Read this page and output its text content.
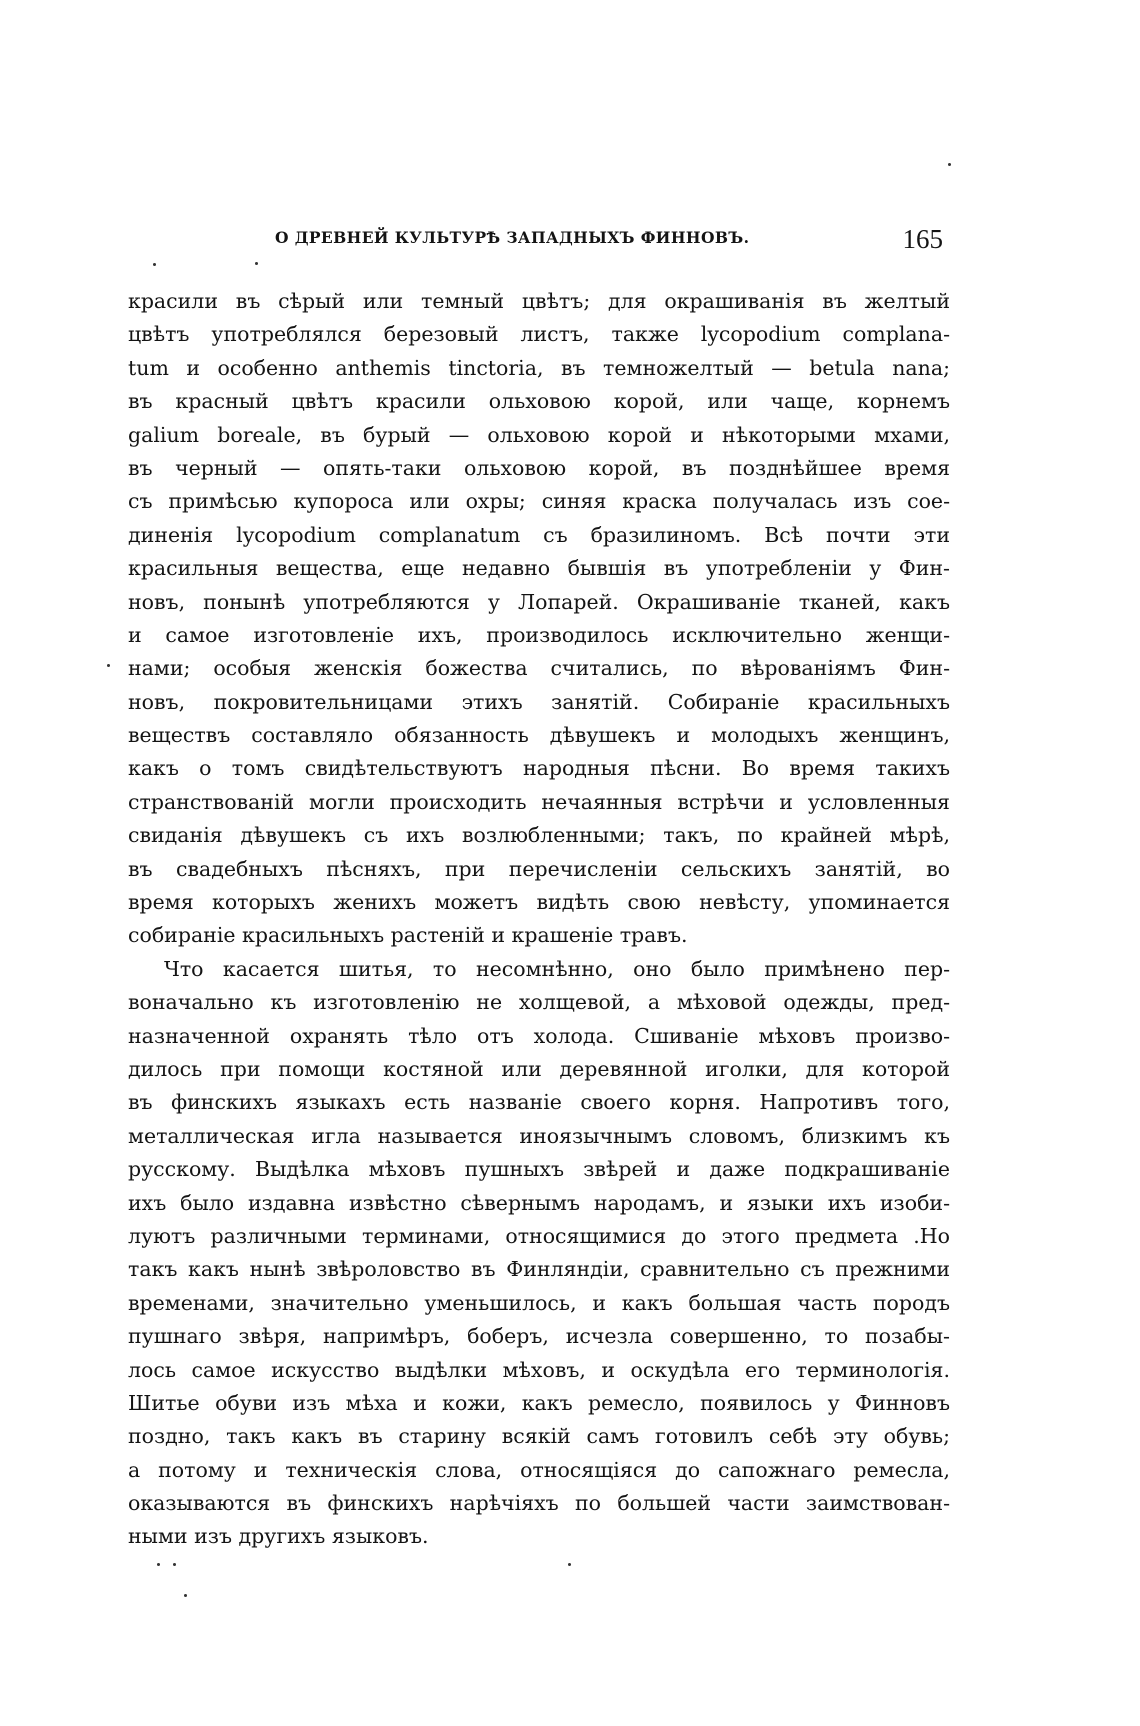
О ДРЕВНЕЙ КУЛЬТУРѢ ЗАПАДНЫХЪ ФИННОВЪ.	165
красили въ сѣрый или темный цвѣтъ; для окрашиванія въ желтый
цвѣтъ употреблялся березовый листъ, также lycopodium complana-
tum и особенно anthemis tinctoria, въ темножелтый — betula nana;
въ красный цвѣтъ красили ольховою корой, или чаще, корнемъ
galium boreale, въ бурый — ольховою корой и нѣкоторыми мхами,
въ черный — опять-таки ольховою корой, въ позднѣйшее время
съ примѣсью купороса или охры; синяя краска получалась изъ сое-
диненія lycopodium complanatum съ бразилиномъ. Всѣ почти эти
красильныя вещества, еще недавно бывшія въ употребленіи у Фин-
новъ, понынѣ употребляются у Лопарей. Окрашиваніе тканей, какъ
и самое изготовленіе ихъ, производилось исключительно женщи-
нами; особыя женскія божества считались, по вѣрованіямъ Фин-
новъ, покровительницами этихъ занятій. Собираніе красильныхъ
веществъ составляло обязанность дѣвушекъ и молодыхъ женщинъ,
какъ о томъ свидѣтельствуютъ народныя пѣсни. Во время такихъ
странствованій могли происходить нечаянныя встрѣчи и условленныя
свиданія дѣвушекъ съ ихъ возлюбленными; такъ, по крайней мѣрѣ,
въ свадебныхъ пѣсняхъ, при перечисленіи сельскихъ занятій, во
время которыхъ женихъ можетъ видѣть свою невѣсту, упоминается
собираніе красильныхъ растеній и крашеніе травъ.
Что касается шитья, то несомнѣнно, оно было примѣнено пер-
воначально къ изготовленію не холщевой, а мѣховой одежды, пред-
назначенной охранять тѣло отъ холода. Сшиваніе мѣховъ произво-
дилось при помощи костяной или деревянной иголки, для которой
въ финскихъ языкахъ есть названіе своего корня. Напротивъ того,
металлическая игла называется иноязычнымъ словомъ, близкимъ къ
русскому. Выдѣлка мѣховъ пушныхъ звѣрей и даже подкрашиваніе
ихъ было издавна извѣстно сѣвернымъ народамъ, и языки ихъ изоби-
луютъ различными терминами, относящимися до этого предмета .Но
такъ какъ нынѣ звѣроловство въ Финляндіи, сравнительно съ прежними
временами, значительно уменьшилось, и какъ большая часть породъ
пушнаго звѣря, напримѣръ, боберъ, исчезла совершенно, то позабы-
лось самое искусство выдѣлки мѣховъ, и оскудѣла его терминологія.
Шитье обуви изъ мѣха и кожи, какъ ремесло, появилось у Финновъ
поздно, такъ какъ въ старину всякій самъ готовилъ себѣ эту обувь;
а потому и техническія слова, относящіяся до сапожнаго ремесла,
оказываются въ финскихъ нарѣчіяхъ по большей части заимствован-
ными изъ другихъ языковъ.
